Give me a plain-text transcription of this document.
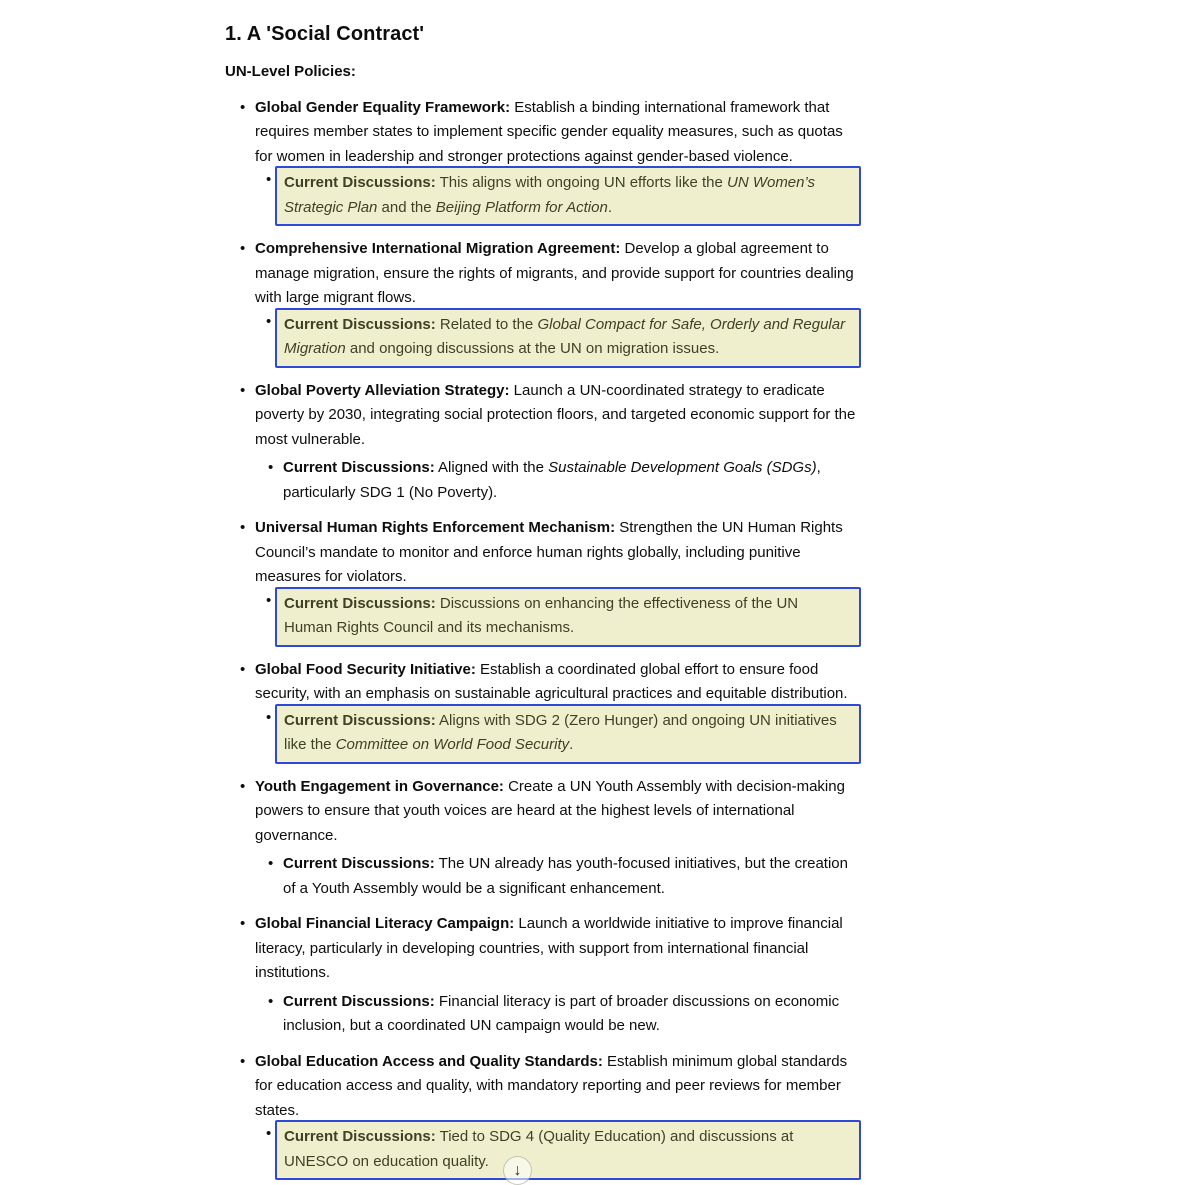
1. A 'Social Contract'
UN-Level Policies:
• Global Gender Equality Framework: Establish a binding international framework that requires member states to implement specific gender equality measures, such as quotas for women in leadership and stronger protections against gender-based violence.
• Current Discussions: This aligns with ongoing UN efforts like the UN Women’s Strategic Plan and the Beijing Platform for Action.
• Comprehensive International Migration Agreement: Develop a global agreement to manage migration, ensure the rights of migrants, and provide support for countries dealing with large migrant flows.
• Current Discussions: Related to the Global Compact for Safe, Orderly and Regular Migration and ongoing discussions at the UN on migration issues.
• Global Poverty Alleviation Strategy: Launch a UN-coordinated strategy to eradicate poverty by 2030, integrating social protection floors, and targeted economic support for the most vulnerable.
• Current Discussions: Aligned with the Sustainable Development Goals (SDGs), particularly SDG 1 (No Poverty).
• Universal Human Rights Enforcement Mechanism: Strengthen the UN Human Rights Council’s mandate to monitor and enforce human rights globally, including punitive measures for violators.
• Current Discussions: Discussions on enhancing the effectiveness of the UN Human Rights Council and its mechanisms.
• Global Food Security Initiative: Establish a coordinated global effort to ensure food security, with an emphasis on sustainable agricultural practices and equitable distribution.
• Current Discussions: Aligns with SDG 2 (Zero Hunger) and ongoing UN initiatives like the Committee on World Food Security.
• Youth Engagement in Governance: Create a UN Youth Assembly with decision-making powers to ensure that youth voices are heard at the highest levels of international governance.
• Current Discussions: The UN already has youth-focused initiatives, but the creation of a Youth Assembly would be a significant enhancement.
• Global Financial Literacy Campaign: Launch a worldwide initiative to improve financial literacy, particularly in developing countries, with support from international financial institutions.
• Current Discussions: Financial literacy is part of broader discussions on economic inclusion, but a coordinated UN campaign would be new.
• Global Education Access and Quality Standards: Establish minimum global standards for education access and quality, with mandatory reporting and peer reviews for member states.
• Current Discussions: Tied to SDG 4 (Quality Education) and discussions at UNESCO on education quality.
↓
